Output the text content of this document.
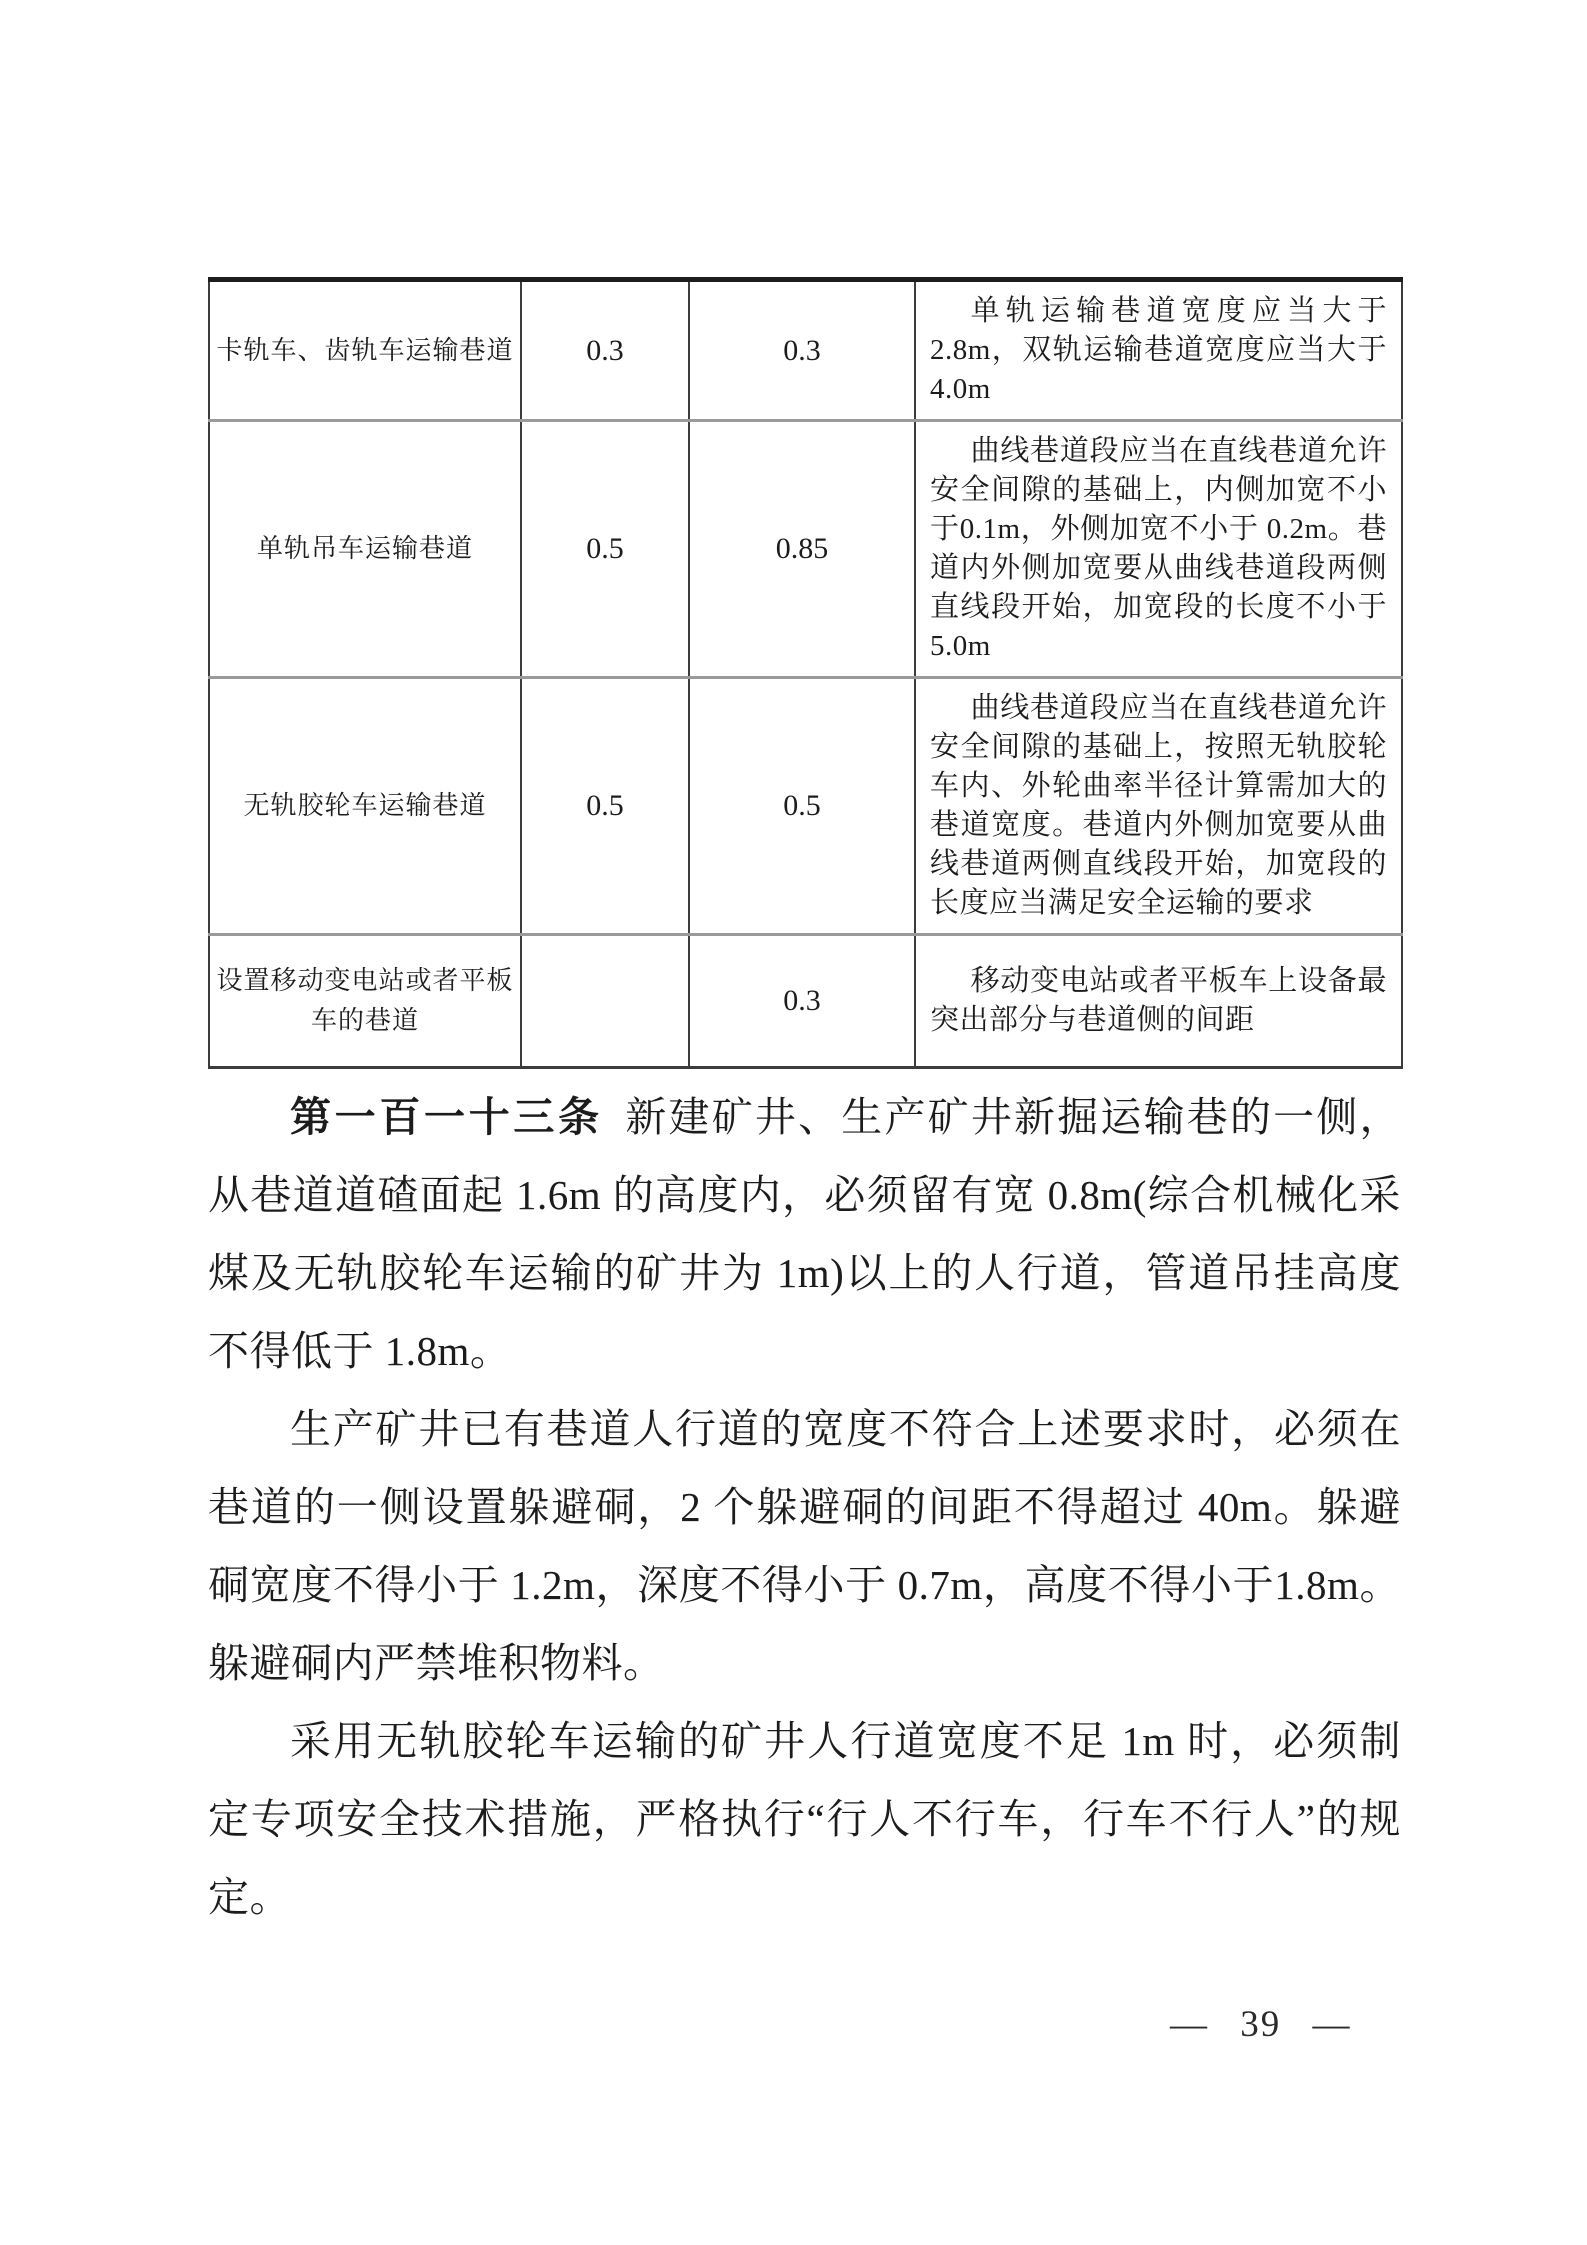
卡轨车、齿轨车运输巷道	0.3	0.3	单轨运输巷道宽度应当大于2.8m，双轨运输巷道宽度应当大于 4.0m
单轨吊车运输巷道	0.5	0.85	曲线巷道段应当在直线巷道允许安全间隙的基础上，内侧加宽不小于0.1m，外侧加宽不小于 0.2m。巷道内外侧加宽要从曲线巷道段两侧直线段开始，加宽段的长度不小于 5.0m
无轨胶轮车运输巷道	0.5	0.5	曲线巷道段应当在直线巷道允许安全间隙的基础上，按照无轨胶轮车内、外轮曲率半径计算需加大的巷道宽度。巷道内外侧加宽要从曲线巷道两侧直线段开始，加宽段的长度应当满足安全运输的要求
设置移动变电站或者平板车的巷道		0.3	移动变电站或者平板车上设备最突出部分与巷道侧的间距

第一百一十三条 新建矿井、生产矿井新掘运输巷的一侧，从巷道道碴面起 1.6m 的高度内，必须留有宽 0.8m(综合机械化采煤及无轨胶轮车运输的矿井为 1m)以上的人行道，管道吊挂高度不得低于 1.8m。

生产矿井已有巷道人行道的宽度不符合上述要求时，必须在巷道的一侧设置躲避硐，2 个躲避硐的间距不得超过 40m。躲避硐宽度不得小于 1.2m，深度不得小于 0.7m，高度不得小于1.8m。躲避硐内严禁堆积物料。

采用无轨胶轮车运输的矿井人行道宽度不足 1m 时，必须制定专项安全技术措施，严格执行“行人不行车，行车不行人”的规定。

— 39 —
